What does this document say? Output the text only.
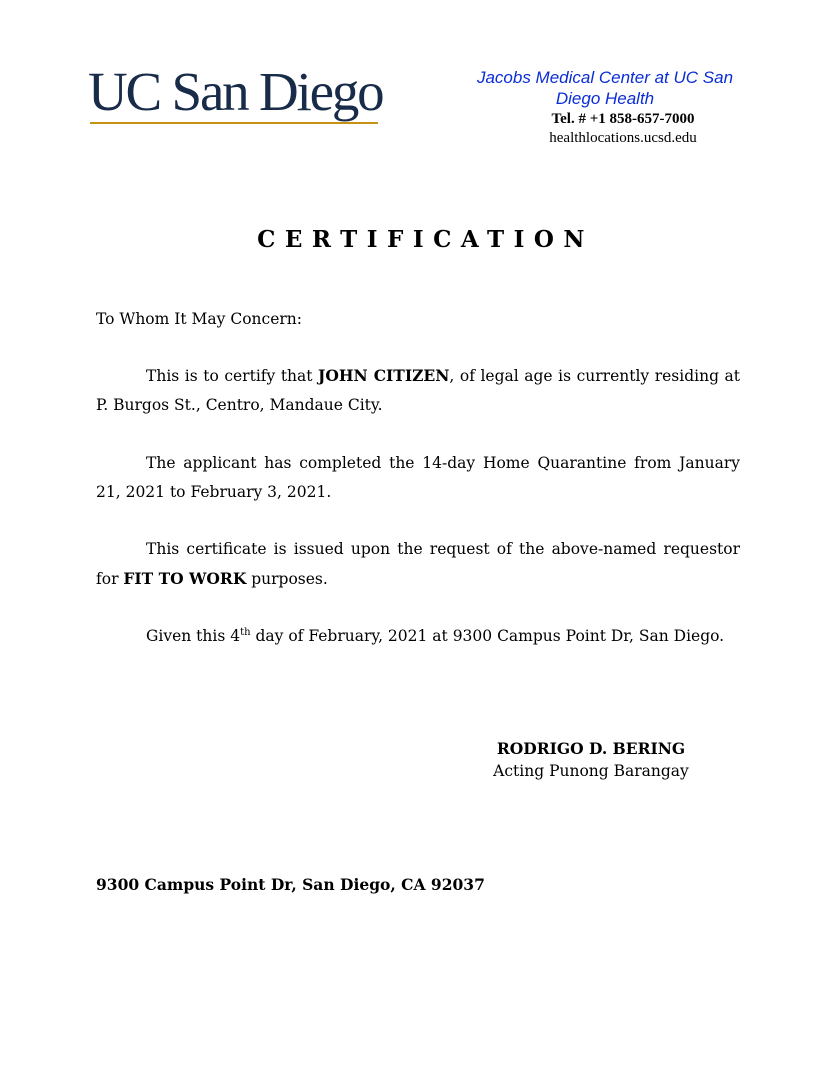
UC San Diego	Jacobs Medical Center at UC San Diego Health
Tel. # +1 858-657-7000
healthlocations.ucsd.edu
CERTIFICATION
To Whom It May Concern:
This is to certify that JOHN CITIZEN, of legal age is currently residing at P. Burgos St., Centro, Mandaue City.
The applicant has completed the 14-day Home Quarantine from January 21, 2021 to February 3, 2021.
This certificate is issued upon the request of the above-named requestor for FIT TO WORK purposes.
Given this 4th day of February, 2021 at 9300 Campus Point Dr, San Diego.
RODRIGO D. BERING
Acting Punong Barangay
9300 Campus Point Dr, San Diego, CA 92037
